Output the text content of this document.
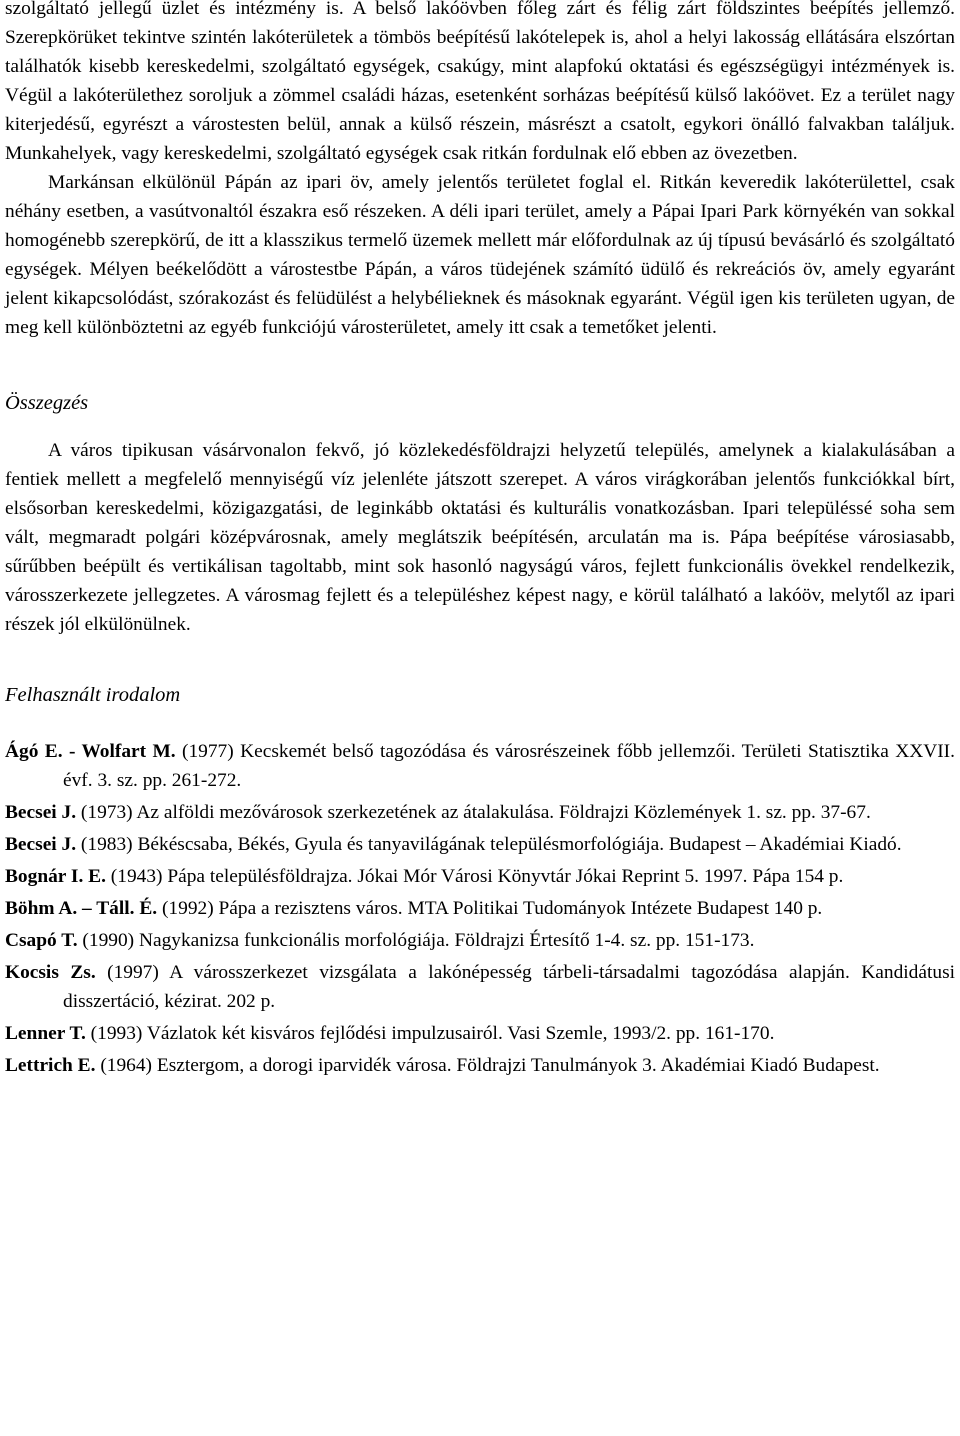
szolgáltató jellegű üzlet és intézmény is. A belső lakóövben főleg zárt és félig zárt földszintes beépítés jellemző. Szerepkörüket tekintve szintén lakóterületek a tömbös beépítésű lakótelepek is, ahol a helyi lakosság ellátására elszórtan találhatók kisebb kereskedelmi, szolgáltató egységek, csakúgy, mint alapfokú oktatási és egészségügyi intézmények is. Végül a lakóterülethez soroljuk a zömmel családi házas, esetenként sorházas beépítésű külső lakóövet. Ez a terület nagy kiterjedésű, egyrészt a várostesten belül, annak a külső részein, másrészt a csatolt, egykori önálló falvakban találjuk. Munkahelyek, vagy kereskedelmi, szolgáltató egységek csak ritkán fordulnak elő ebben az övezetben.

Markánsan elkülönül Pápán az ipari öv, amely jelentős területet foglal el. Ritkán keveredik lakóterülettel, csak néhány esetben, a vasútvonaltól északra eső részeken. A déli ipari terület, amely a Pápai Ipari Park környékén van sokkal homogénebb szerepkörű, de itt a klasszikus termelő üzemek mellett már előfordulnak az új típusú bevásárló és szolgáltató egységek. Mélyen beékelődött a várostestbe Pápán, a város tüdejének számító üdülő és rekreációs öv, amely egyaránt jelent kikapcsolódást, szórakozást és felüdülést a helybélieknek és másoknak egyaránt. Végül igen kis területen ugyan, de meg kell különböztetni az egyéb funkciójú városterületet, amely itt csak a temetőket jelenti.

Összegzés

A város tipikusan vásárvonalon fekvő, jó közlekedésföldrajzi helyzetű település, amelynek a kialakulásában a fentiek mellett a megfelelő mennyiségű víz jelenléte játszott szerepet. A város virágkorában jelentős funkciókkal bírt, elsősorban kereskedelmi, közigazgatási, de leginkább oktatási és kulturális vonatkozásban. Ipari településsé soha sem vált, megmaradt polgári középvárosnak, amely meglátszik beépítésén, arculatán ma is. Pápa beépítése városiasabb, sűrűbben beépült és vertikálisan tagoltabb, mint sok hasonló nagyságú város, fejlett funkcionális övekkel rendelkezik, városszerkezete jellegzetes. A városmag fejlett és a településhez képest nagy, e körül található a lakóöv, melytől az ipari részek jól elkülönülnek.

Felhasznált irodalom

Ágó E. - Wolfart M. (1977) Kecskemét belső tagozódása és városrészeinek főbb jellemzői. Területi Statisztika XXVII. évf. 3. sz. pp. 261-272.

Becsei J. (1973) Az alföldi mezővárosok szerkezetének az átalakulása. Földrajzi Közlemények 1. sz. pp. 37-67.

Becsei J. (1983) Békéscsaba, Békés, Gyula és tanyavilágának településmorfológiája. Budapest – Akadémiai Kiadó.

Bognár I. E. (1943) Pápa településföldrajza. Jókai Mór Városi Könyvtár Jókai Reprint 5. 1997. Pápa 154 p.

Böhm A. – Táll. É. (1992) Pápa a rezisztens város. MTA Politikai Tudományok Intézete Budapest 140 p.

Csapó T. (1990) Nagykanizsa funkcionális morfológiája. Földrajzi Értesítő 1-4. sz. pp. 151-173.

Kocsis Zs. (1997) A városszerkezet vizsgálata a lakónépesség tárbeli-társadalmi tagozódása alapján. Kandidátusi disszertáció, kézirat. 202 p.

Lenner T. (1993) Vázlatok két kisváros fejlődési impulzusairól. Vasi Szemle, 1993/2. pp. 161-170.

Lettrich E. (1964) Esztergom, a dorogi iparvidék városa. Földrajzi Tanulmányok 3. Akadémiai Kiadó Budapest.
